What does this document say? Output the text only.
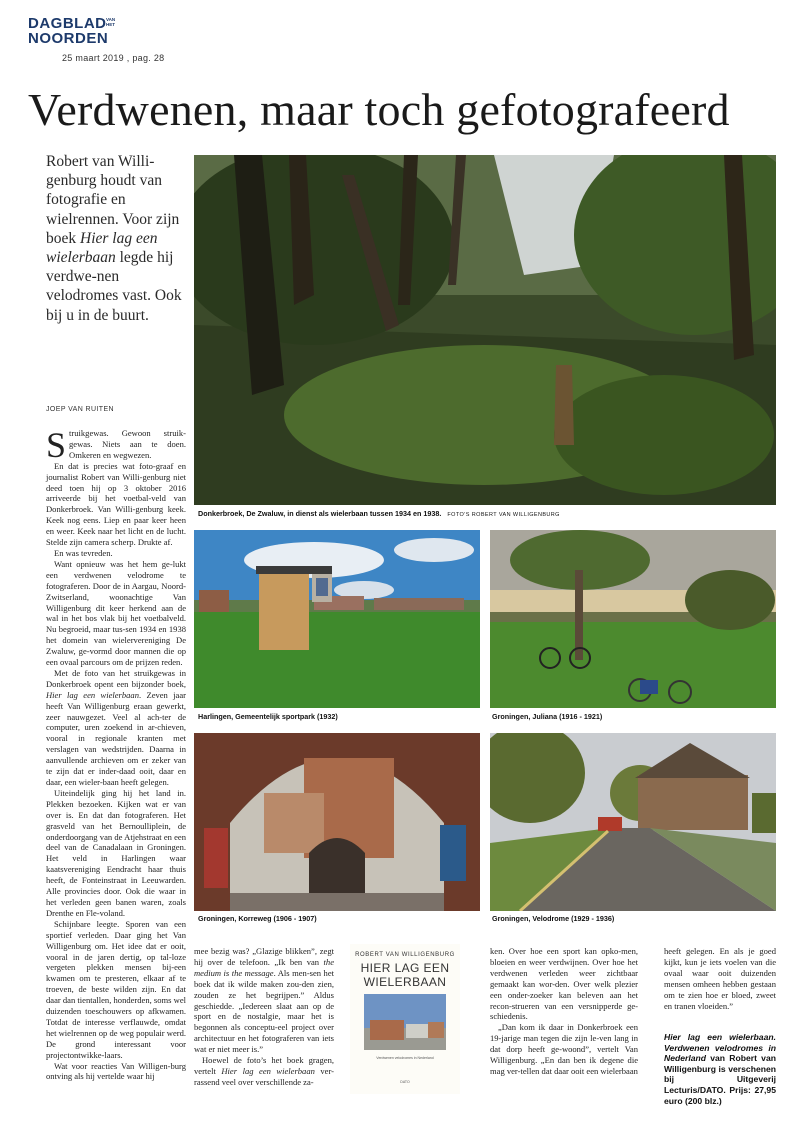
DAGBLAD
NOORDEN
VAN HET
25 maart 2019 , pag. 28
Verdwenen, maar toch gefotografeerd

Robert van Willi-genburg houdt van fotografie en wielrennen. Voor zijn boek Hier lag een wielerbaan legde hij verdwe-nen velodromes vast. Ook bij u in de buurt.

JOEP VAN RUITEN

Struikgewas. Gewoon struik-gewas. Niets aan te doen. Omkeren en wegwezen.

En dat is precies wat foto-graaf en journalist Robert van Willi-genburg niet deed toen hij op 3 oktober 2016 arriveerde bij het voetbal-veld van Donkerbroek. Van Willi-genburg keek. Keek nog eens. Liep en paar keer heen en weer. Keek naar het licht en de lucht. Stelde zijn camera scherp. Drukte af.

En was tevreden.

Want opnieuw was het hem ge-lukt een verdwenen velodrome te fotograferen. Door de in Aargau, Noord-Zwitserland, woonachtige Van Willigenburg dit keer herkend aan de wal in het bos vlak bij het voetbalveld. Nu begroeid, maar tus-sen 1934 en 1938 het domein van wielervereniging De Zwaluw, ge-vormd door mannen die op een ovaal parcours om de prijzen reden.

Met de foto van het struikgewas in Donkerbroek opent een bijzonder boek, Hier lag een wielerbaan. Zeven jaar heeft Van Willigenburg eraan gewerkt, zeer nauwgezet. Veel al ach-ter de computer, uren zoekend in ar-chieven, vooral in regionale kranten met verslagen van wedstrijden. Daarna in aanvullende archieven om er zeker van te zijn dat er inder-daad ooit, daar en daar, een wieler-baan heeft gelegen.

Uiteindelijk ging hij het land in. Plekken bezoeken. Kijken wat er van over is. En dat dan fotograferen. Het grasveld van het Bernoulliplein, de onderdoorgang van de Atjehstraat en een deel van de Canadalaan in Groningen. Het veld in Harlingen waar kaatsvereniging Eendracht haar thuis heeft, de Fonteinstraat in Leeuwarden. Alle provincies door. Ook die waar in het verleden geen banen waren, zoals Drenthe en Fle-voland.

Schijnbare leegte. Sporen van een sportief verleden. Daar ging het Van Willigenburg om. Het idee dat er ooit, vooral in de jaren dertig, op tal-loze vergeten plekken mensen bij-een kwamen om te presteren, elkaar af te troeven, de beste wilden zijn. En dat daar dan tientallen, honderden, soms wel duizenden toeschouwers op afkwamen. Totdat de interesse verflauwde, omdat het wielrennen op de weg populair werd. De grond interessant voor projectontwikke-laars.

Wat voor reacties Van Willigen-burg ontving als hij vertelde waar hij

mee bezig was? „Glazige blikken”, zegt hij over de telefoon. „Ik ben van the medium is the message. Als men-sen het boek dat ik wilde maken zou-den zien, zouden ze het begrijpen.” Aldus geschiedde. „Iedereen slaat aan op de sport en de nostalgie, maar het is begonnen als conceptu-eel project over architectuur en het fotograferen van iets wat er niet meer is.”

Hoewel de foto’s het boek gragen, vertelt Hier lag een wielerbaan ver-rassend veel over verschillende za-

ken. Over hoe een sport kan opko-men, bloeien en weer verdwijnen. Over hoe het verdwenen verleden weer zichtbaar gemaakt kan wor-den. Over welk plezier een onder-zoeker kan beleven aan het recon-strueren van een versnipperde ge-schiedenis.

„Dan kom ik daar in Donkerbroek een 19-jarige man tegen die zijn le-ven lang in dat dorp heeft ge-woond”, vertelt Van Willigenburg. „En dan ben ik degene die mag ver-tellen dat daar ooit een wielerbaan

heeft gelegen. En als je goed kijkt, kun je iets voelen van die ovaal waar ooit duizenden mensen omheen hebben gestaan om te zien hoe er bloed, zweet en tranen vloeiden.”

Hier lag een wielerbaan. Verdwenen velodromes in Nederland van Robert van Willigenburg is verschenen bij Uitgeverij Lecturis/DATO. Prijs: 27,95 euro (200 blz.)
Donkerbroek, De Zwaluw, in dienst als wielerbaan tussen 1934 en 1938. FOTO’S ROBERT VAN WILLIGENBURG
Harlingen, Gemeentelijk sportpark (1932)	Groningen, Juliana (1916 - 1921)
Groningen, Korreweg (1906 - 1907)	Groningen, Velodrome (1929 - 1936)
ROBERT VAN WILLIGENBURG
HIER LAG EEN
WIELERBAAN
Verdwenen velodromes in Nederland
DATO
